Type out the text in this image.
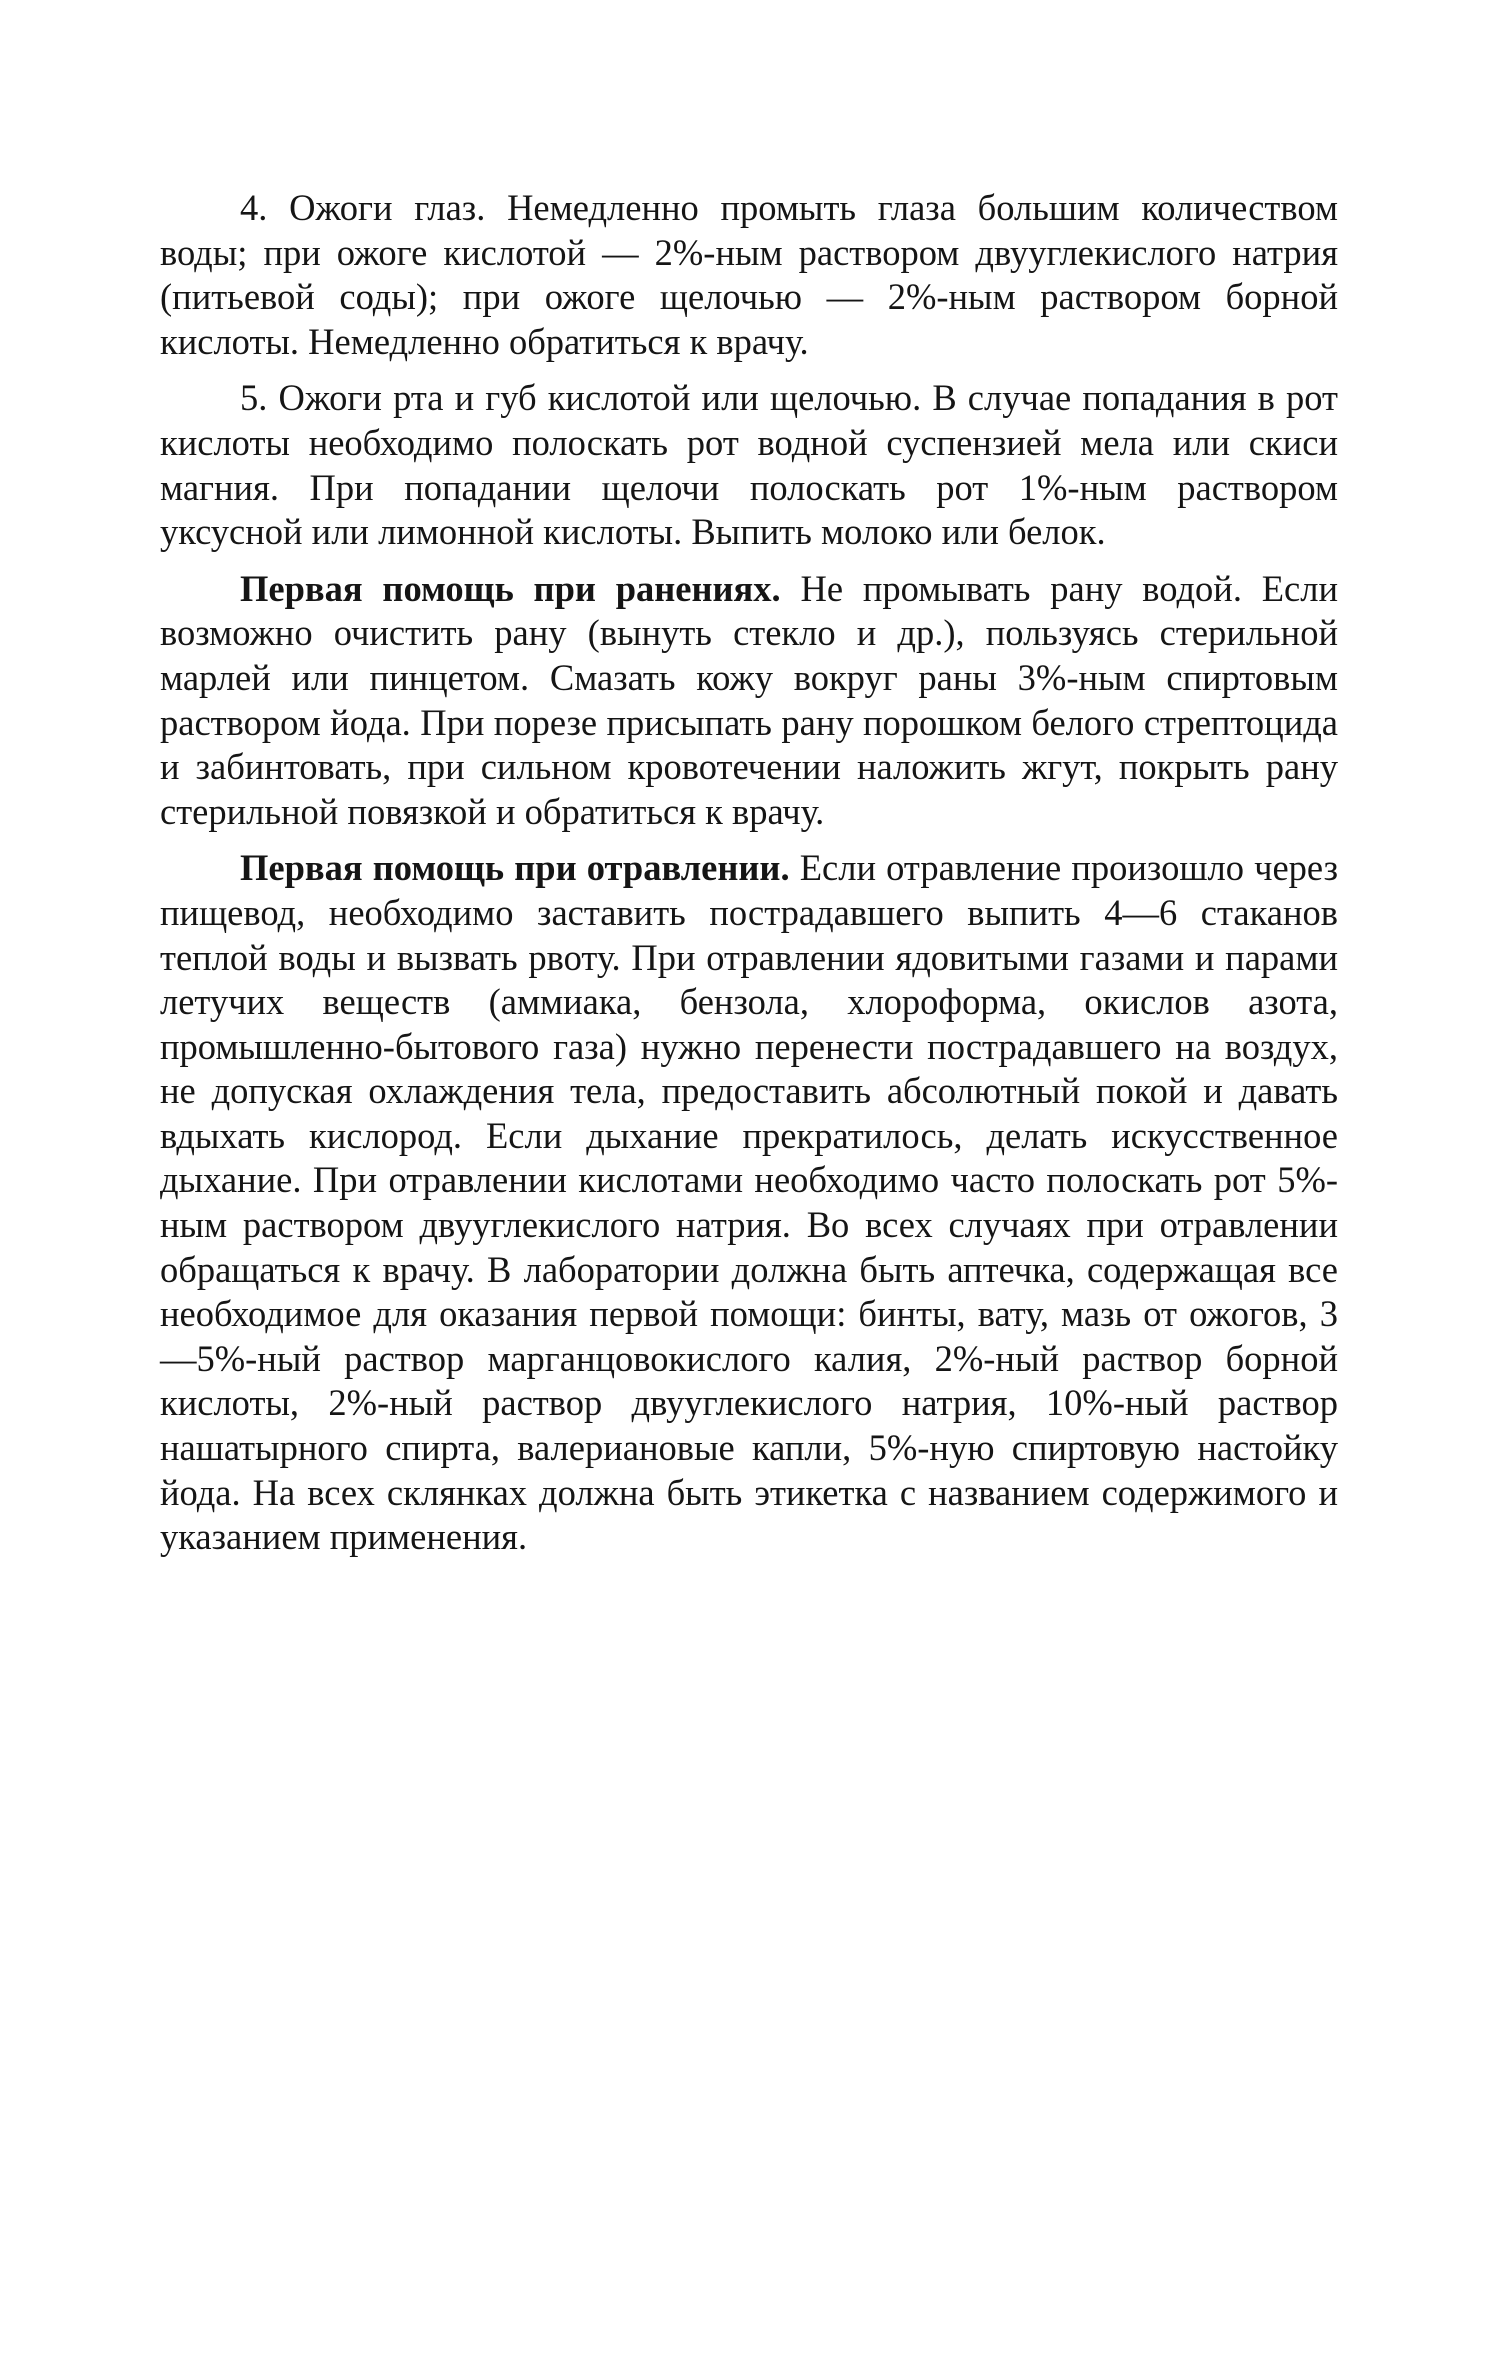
4. Ожоги глаз. Немедленно промыть глаза большим количеством воды; при ожоге кислотой — 2%-ным раствором двууглекислого натрия (питьевой соды); при ожоге щелочью — 2%-ным раствором борной кислоты. Немедленно обратиться к врачу.

5. Ожоги рта и губ кислотой или щелочью. В случае попадания в рот кислоты необходимо полоскать рот водной суспензией мела или скиси магния. При попадании щелочи полоскать рот 1%-ным раствором уксусной или лимонной кислоты. Выпить молоко или белок.

Первая помощь при ранениях. Не промывать рану водой. Если возможно очистить рану (вынуть стекло и др.), пользуясь стерильной марлей или пинцетом. Смазать кожу вокруг раны 3%-ным спиртовым раствором йода. При порезе присыпать рану порошком белого стрептоцида и забинтовать, при сильном кровотечении наложить жгут, покрыть рану стерильной повязкой и обратиться к врачу.

Первая помощь при отравлении. Если отравление произошло через пищевод, необходимо заставить пострадавшего выпить 4—6 стаканов теплой воды и вызвать рвоту. При отравлении ядовитыми газами и парами летучих веществ (аммиака, бензола, хлороформа, окислов азота, промышленно-бытового газа) нужно перенести пострадавшего на воздух, не допуская охлаждения тела, предоставить абсолютный покой и давать вдыхать кислород. Если дыхание прекратилось, делать искусственное дыхание. При отравлении кислотами необходимо часто полоскать рот 5%-ным раствором двууглекислого натрия. Во всех случаях при отравлении обращаться к врачу. В лаборатории должна быть аптечка, содержащая все необходимое для оказания первой помощи: бинты, вату, мазь от ожогов, 3—5%-ный раствор марганцовокислого калия, 2%-ный раствор борной кислоты, 2%-ный раствор двууглекислого натрия, 10%-ный раствор нашатырного спирта, валериановые капли, 5%-ную спиртовую настойку йода. На всех склянках должна быть этикетка с названием содержимого и указанием применения.
